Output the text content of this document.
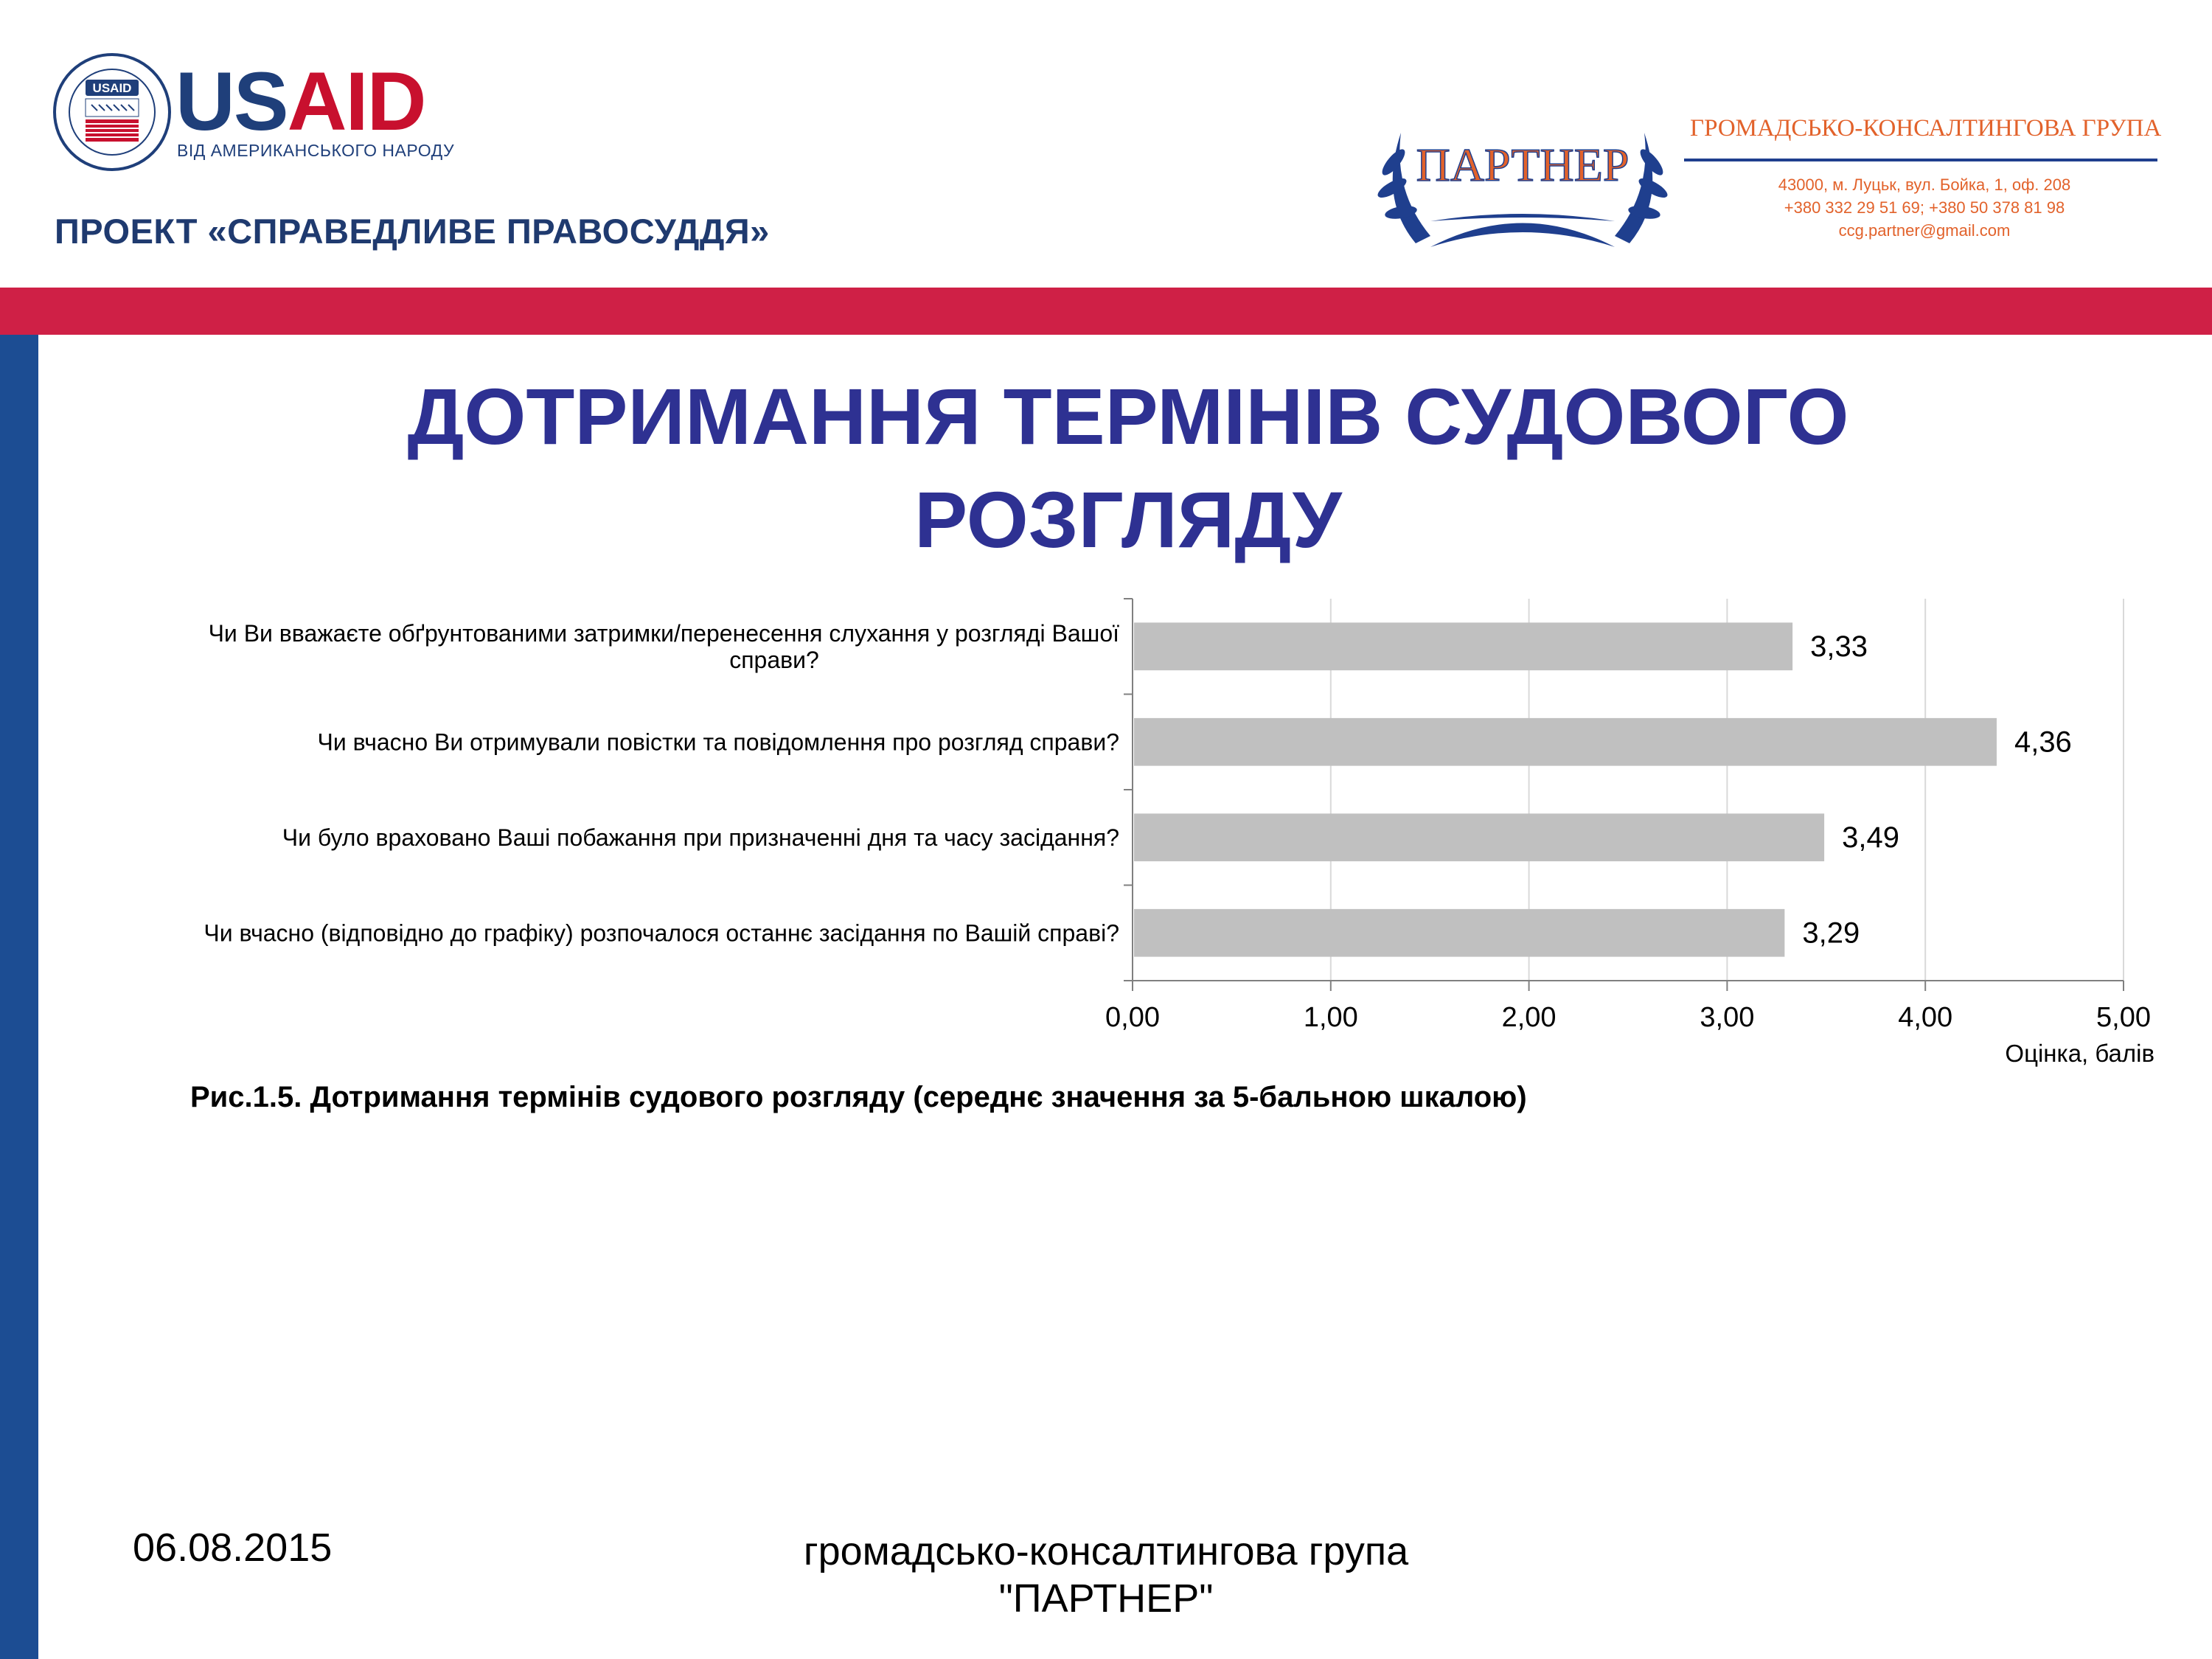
USAID USAID
ВІД АМЕРИКАНСЬКОГО НАРОДУ
ПРОЕКТ «СПРАВЕДЛИВЕ ПРАВОСУДДЯ»
ПАРТНЕР
ГРОМАДСЬКО-КОНСАЛТИНГОВА ГРУПА
43000, м. Луцьк, вул. Бойка, 1, оф. 208
+380 332 29 51 69; +380 50 378 81 98
ccg.partner@gmail.com
ДОТРИМАННЯ ТЕРМІНІВ СУДОВОГО
РОЗГЛЯДУ
0,00	1,00	2,00	3,00	4,00	5,00
3,33
Чи Ви вважаєте обґрунтованими затримки/перенесення слухання у розгляді Вашої
справи?
4,36
Чи вчасно Ви отримували повістки та повідомлення про розгляд справи?
3,49
Чи було враховано Ваші побажання при призначенні дня та часу засідання?
3,29
Чи вчасно (відповідно до графіку) розпочалося останнє засідання по Вашій справі?
Оцінка, балів
Рис.1.5. Дотримання термінів судового розгляду (середнє значення за 5-бальною шкалою)
06.08.2015	громадсько-консалтингова група
"ПАРТНЕР"
